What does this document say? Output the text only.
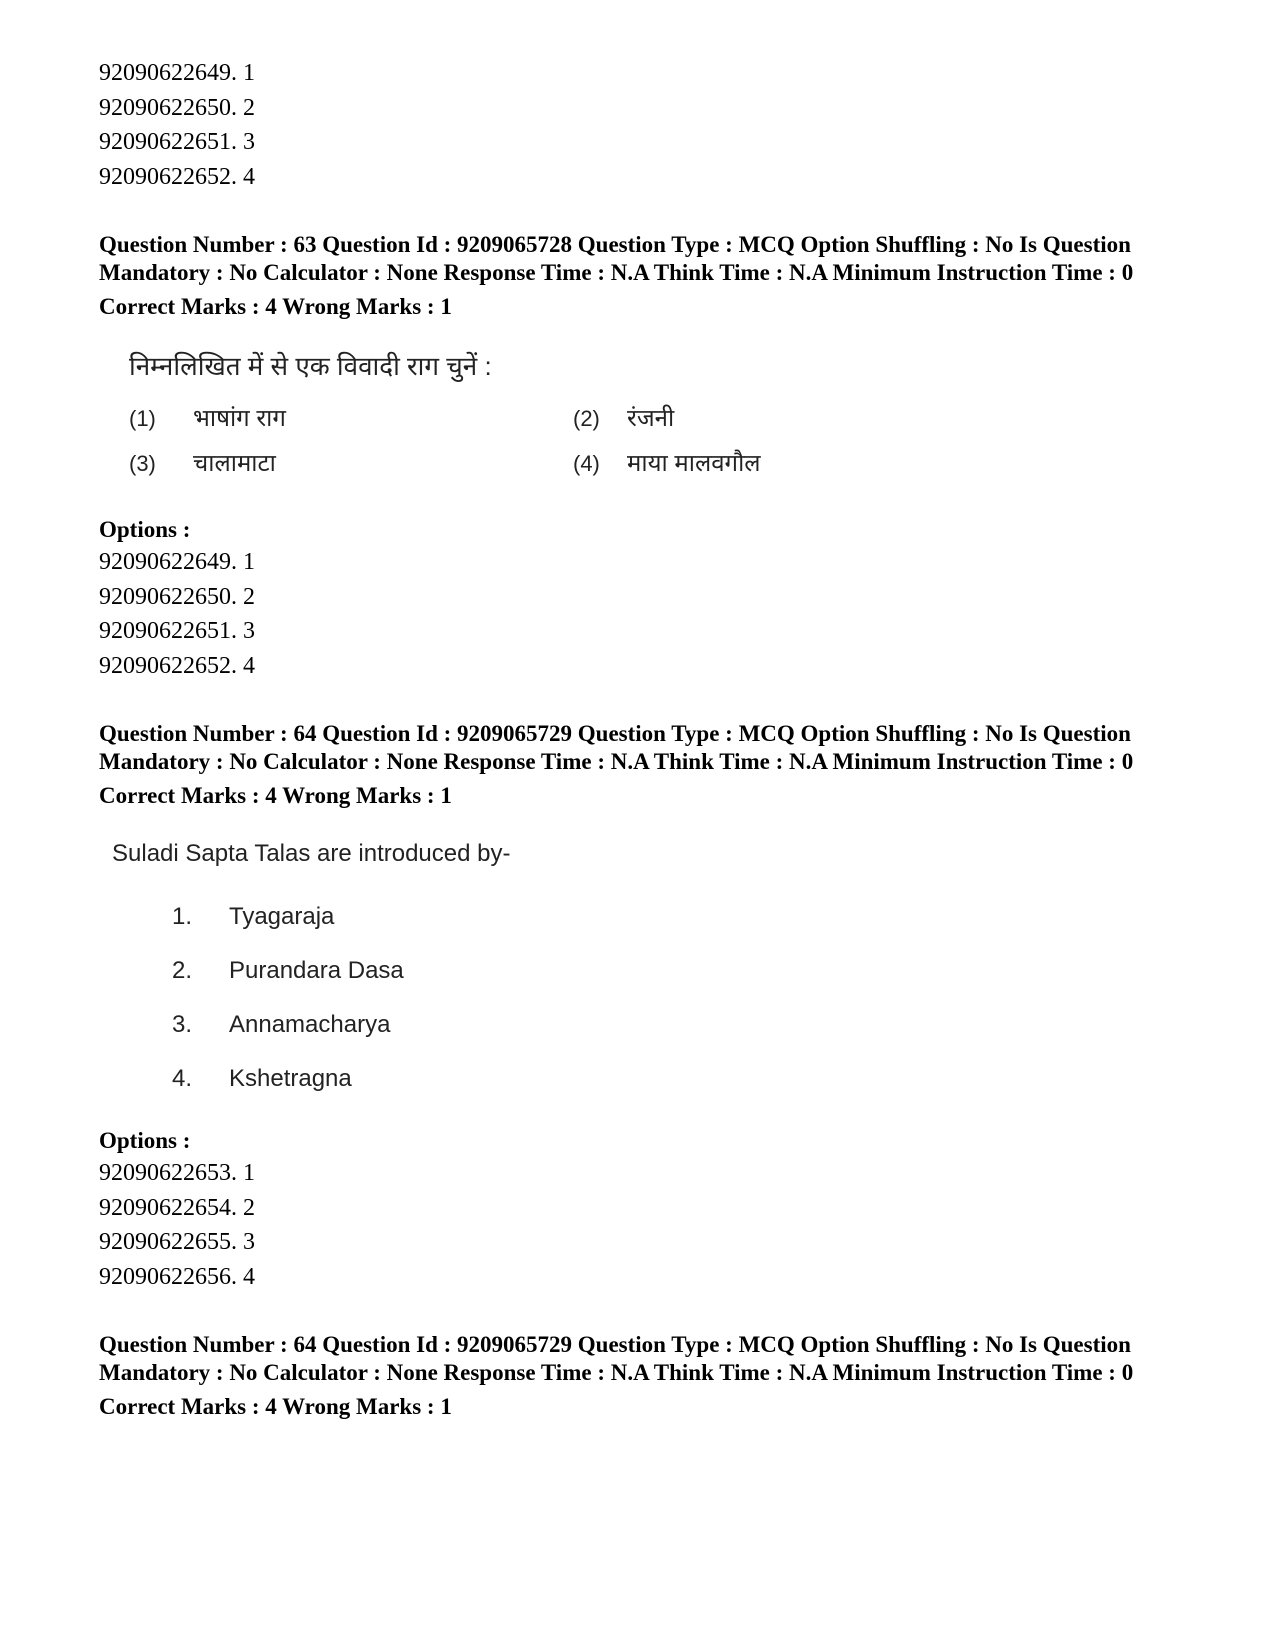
92090622649. 1
92090622650. 2
92090622651. 3
92090622652. 4
Question Number : 63 Question Id : 9209065728 Question Type : MCQ Option Shuffling : No Is Question Mandatory : No Calculator : None Response Time : N.A Think Time : N.A Minimum Instruction Time : 0
Correct Marks : 4 Wrong Marks : 1
निम्नलिखित में से एक विवादी राग चुनें :
(1)	भाषांग राग	(2)	रंजनी
(3)	चालामाटा	(4)	माया मालवगौल
Options :
92090622649. 1
92090622650. 2
92090622651. 3
92090622652. 4
Question Number : 64 Question Id : 9209065729 Question Type : MCQ Option Shuffling : No Is Question Mandatory : No Calculator : None Response Time : N.A Think Time : N.A Minimum Instruction Time : 0
Correct Marks : 4 Wrong Marks : 1
Suladi Sapta Talas are introduced by-
1.	Tyagaraja
2.	Purandara Dasa
3.	Annamacharya
4.	Kshetragna
Options :
92090622653. 1
92090622654. 2
92090622655. 3
92090622656. 4
Question Number : 64 Question Id : 9209065729 Question Type : MCQ Option Shuffling : No Is Question Mandatory : No Calculator : None Response Time : N.A Think Time : N.A Minimum Instruction Time : 0
Correct Marks : 4 Wrong Marks : 1
